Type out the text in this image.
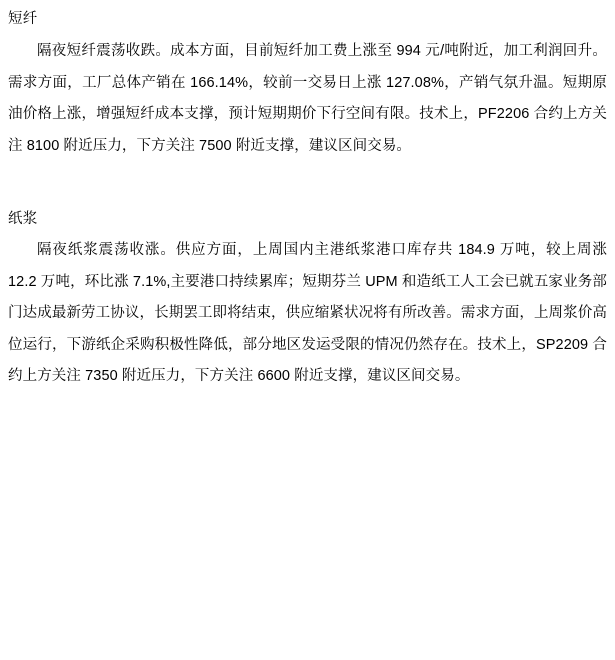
短纤

隔夜短纤震荡收跌。成本方面，目前短纤加工费上涨至 994 元/吨附近，加工利润回升。需求方面，工厂总体产销在 166.14%，较前一交易日上涨 127.08%，产销气氛升温。短期原油价格上涨，增强短纤成本支撑，预计短期期价下行空间有限。技术上，PF2206 合约上方关注 8100 附近压力，下方关注 7500 附近支撑，建议区间交易。

纸浆

隔夜纸浆震荡收涨。供应方面，上周国内主港纸浆港口库存共 184.9 万吨，较上周涨 12.2 万吨，环比涨 7.1%,主要港口持续累库；短期芬兰 UPM 和造纸工人工会已就五家业务部门达成最新劳工协议，长期罢工即将结束，供应缩紧状况将有所改善。需求方面，上周浆价高位运行，下游纸企采购积极性降低，部分地区发运受限的情况仍然存在。技术上，SP2209 合约上方关注 7350 附近压力，下方关注 6600 附近支撑，建议区间交易。
